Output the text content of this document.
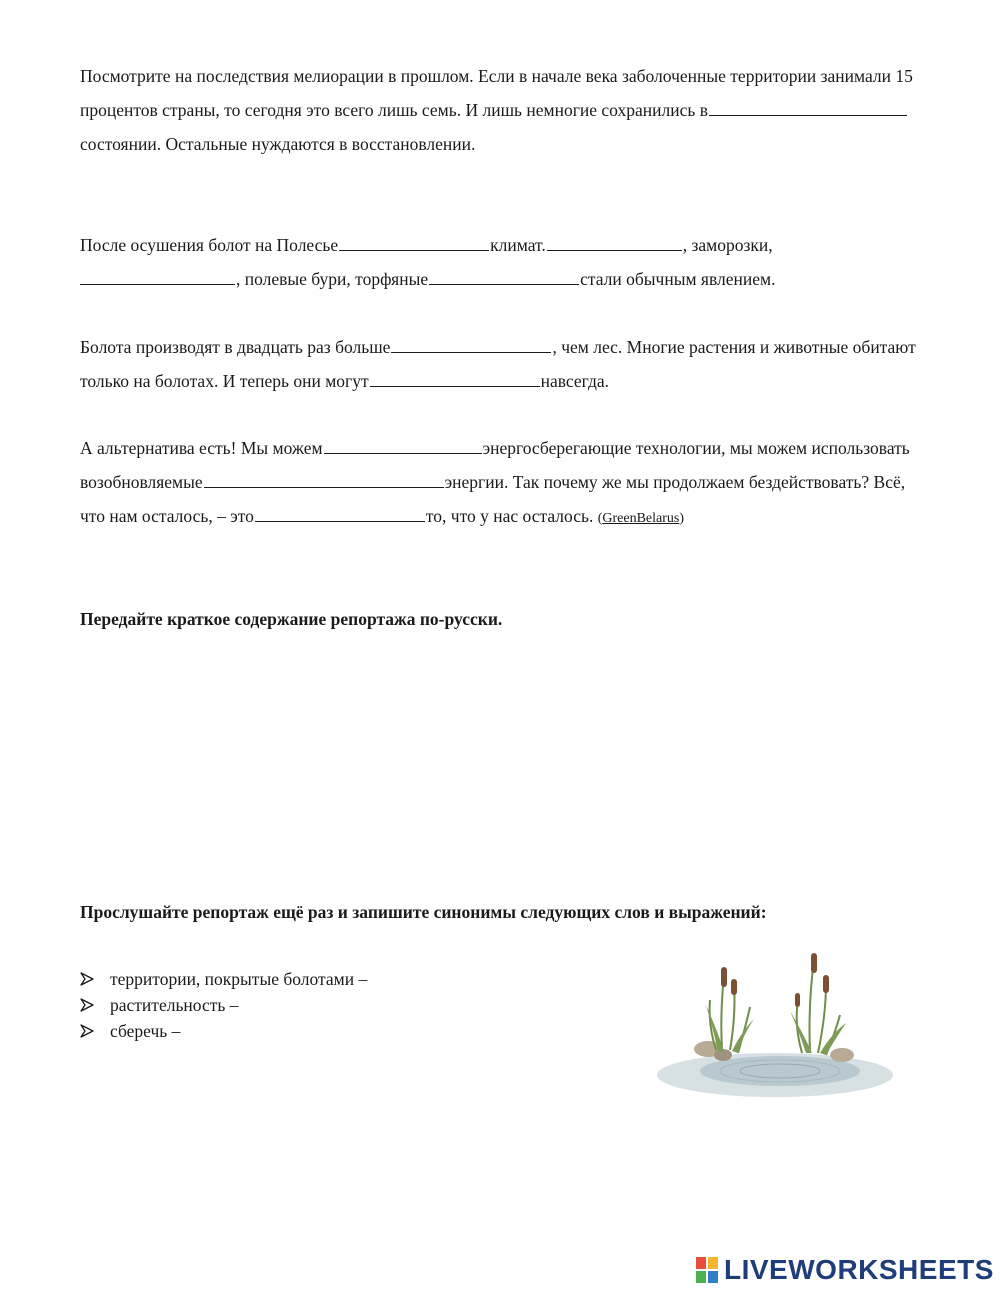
Посмотрите на последствия мелиорации в прошлом. Если в начале века заболоченные территории занимали 15 процентов страны, то сегодня это всего лишь семь. И лишь немногие сохранились всостоянии. Остальные нуждаются в восстановлении.

После осушения болот на Полесье	климат.	, заморозки,
, полевые бури, торфяные	стали обычным явлением.

Болота производят в двадцать раз больше	, чем лес. Многие растения и животные обитают только на болотах. И теперь они могут	навсегда.

А альтернатива есть! Мы можем	энергосберегающие технологии, мы можем использовать возобновляемые	энергии. Так почему же мы продолжаем бездействовать? Всё, что нам осталось, – это	то, что у нас осталось. (GreenBelarus)

Передайте краткое содержание репортажа по-русски.

Прослушайте репортаж ещё раз и запишите синонимы следующих слов и выражений:

территории, покрытые болотами –
растительность –
сберечь –
LIVEWORKSHEETS
